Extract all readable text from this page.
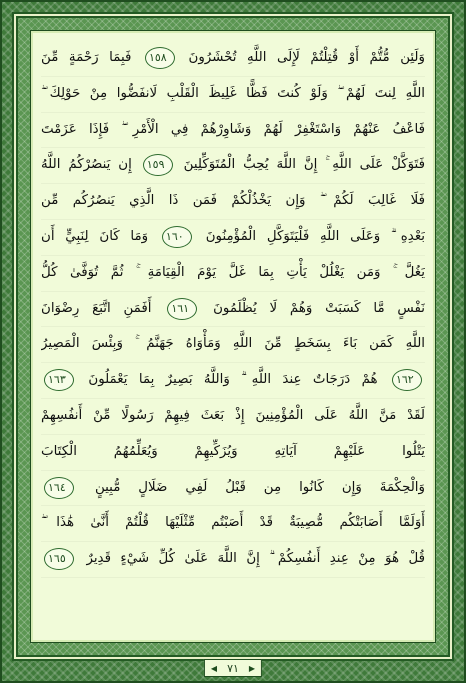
وَلَئِن مُّتُّمْ أَوْ قُتِلْتُمْ لَإِلَى اللَّهِ تُحْشَرُونَ ١٥٨ فَبِمَا رَحْمَةٍ مِّنَ
اللَّهِ لِنتَ لَهُمْ ۖ وَلَوْ كُنتَ فَظًّا غَلِيظَ الْقَلْبِ لَانفَضُّوا مِنْ حَوْلِكَ ۖ
فَاعْفُ عَنْهُمْ وَاسْتَغْفِرْ لَهُمْ وَشَاوِرْهُمْ فِي الْأَمْرِ ۖ فَإِذَا عَزَمْتَ
فَتَوَكَّلْ عَلَى اللَّهِ ۚ إِنَّ اللَّهَ يُحِبُّ الْمُتَوَكِّلِينَ ١٥٩ إِن يَنصُرْكُمُ اللَّهُ
فَلَا غَالِبَ لَكُمْ ۖ وَإِن يَخْذُلْكُمْ فَمَن ذَا الَّذِي يَنصُرُكُم مِّن
بَعْدِهِ ۗ وَعَلَى اللَّهِ فَلْيَتَوَكَّلِ الْمُؤْمِنُونَ ١٦٠ وَمَا كَانَ لِنَبِيٍّ أَن
يَغُلَّ ۚ وَمَن يَغْلُلْ يَأْتِ بِمَا غَلَّ يَوْمَ الْقِيَامَةِ ۚ ثُمَّ تُوَفَّىٰ كُلُّ
نَفْسٍ مَّا كَسَبَتْ وَهُمْ لَا يُظْلَمُونَ ١٦١ أَفَمَنِ اتَّبَعَ رِضْوَانَ
اللَّهِ كَمَن بَاءَ بِسَخَطٍ مِّنَ اللَّهِ وَمَأْوَاهُ جَهَنَّمُ ۚ وَبِئْسَ الْمَصِيرُ
١٦٢ هُمْ دَرَجَاتٌ عِندَ اللَّهِ ۗ وَاللَّهُ بَصِيرٌ بِمَا يَعْمَلُونَ ١٦٣
لَقَدْ مَنَّ اللَّهُ عَلَى الْمُؤْمِنِينَ إِذْ بَعَثَ فِيهِمْ رَسُولًا مِّنْ أَنفُسِهِمْ
يَتْلُوا عَلَيْهِمْ آيَاتِهِ وَيُزَكِّيهِمْ وَيُعَلِّمُهُمُ الْكِتَابَ
وَالْحِكْمَةَ وَإِن كَانُوا مِن قَبْلُ لَفِي ضَلَالٍ مُّبِينٍ ١٦٤
أَوَلَمَّا أَصَابَتْكُم مُّصِيبَةٌ قَدْ أَصَبْتُم مِّثْلَيْهَا قُلْتُمْ أَنَّىٰ هَٰذَا ۖ
قُلْ هُوَ مِنْ عِندِ أَنفُسِكُمْ ۗ إِنَّ اللَّهَ عَلَىٰ كُلِّ شَيْءٍ قَدِيرٌ ١٦٥
◀ ٧١ ▶
